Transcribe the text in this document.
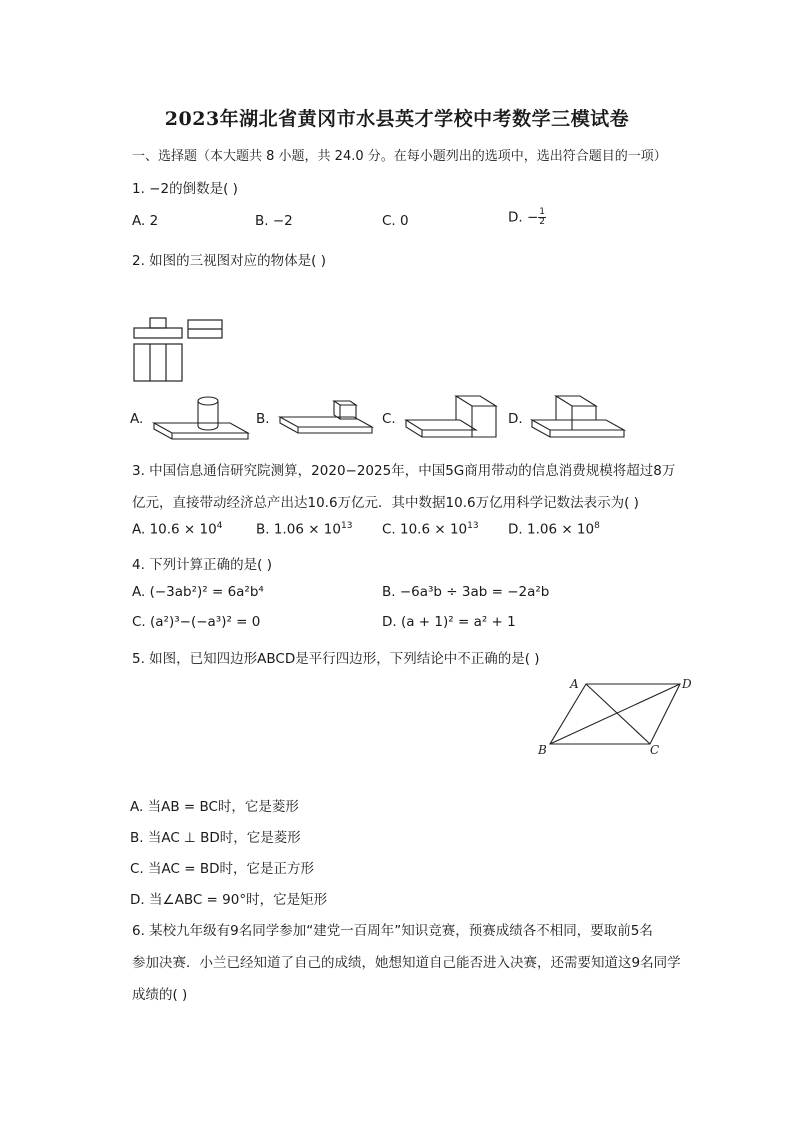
2023年湖北省黄冈市水县英才学校中考数学三模试卷
一、选择题（本大题共 8 小题，共 24.0 分。在每小题列出的选项中，选出符合题目的一项）
1. −2的倒数是( )
A. 2	B. −2	C. 0	D. − $\frac{1}{2}$
2. 如图的三视图对应的物体是( )
A.	B.	C.	D.
3. 中国信息通信研究院测算，2020−2025年，中国5G商用带动的信息消费规模将超过8万
亿元，直接带动经济总产出达10.6万亿元．其中数据10.6万亿用科学记数法表示为( )
A. $10.6 \times 10^4$ B. $1.06 \times 10^{13}$ C. $10.6 \times 10^{13}$ D. $1.06 \times 10^8$
4. 下列计算正确的是( )
A. (−3ab²)² = 6a²b⁴	B. −6a³b ÷ 3ab = −2a²b
C. (a²)³−(−a³)² = 0	D. (a + 1)² = a² + 1
5. 如图，已知四边形ABCD是平行四边形，下列结论中不正确的是( )
A	D
B	C
A. 当AB = BC时，它是菱形
B. 当AC ⊥ BD时，它是菱形
C. 当AC = BD时，它是正方形
D. 当∠ABC = 90°时，它是矩形
6. 某校九年级有9名同学参加“建党一百周年”知识竞赛，预赛成绩各不相同，要取前5名
参加决赛．小兰已经知道了自己的成绩，她想知道自己能否进入决赛，还需要知道这9名同学
成绩的( )
